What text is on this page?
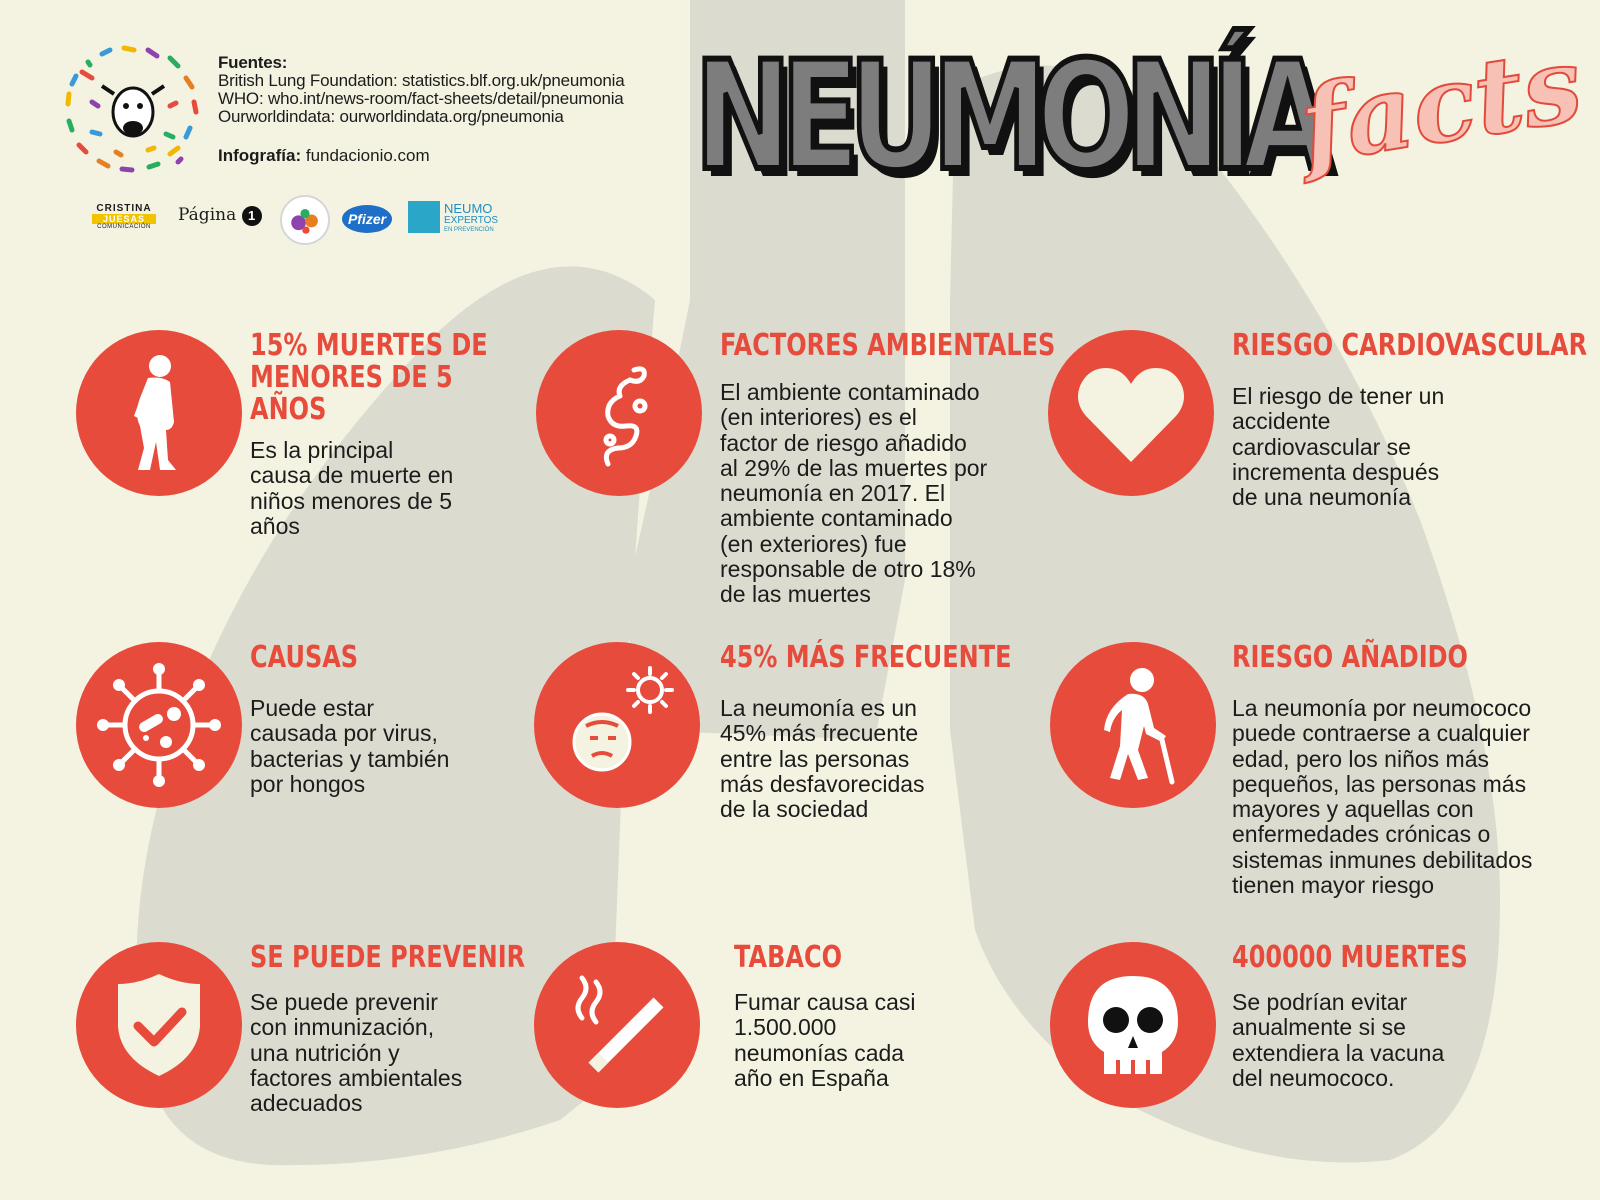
Fuentes:
British Lung Foundation: statistics.blf.org.uk/pneumonia
WHO: who.int/news-room/fact-sheets/detail/pneumonia
Ourworldindata: ourworldindata.org/pneumonia
Infografía: fundacionio.com
CRISTINA
JUESAS
COMUNICACIÓN
Página 1	Pfizer
NEUMO
EXPERTOS
EN PREVENCIÓN
NEUMONÍA
facts
15% MUERTES DE
MENORES DE 5
AÑOS
Es la principal
causa de muerte en
niños menores de 5
años
FACTORES AMBIENTALES
El ambiente contaminado
(en interiores) es el
factor de riesgo añadido
al 29% de las muertes por
neumonía en 2017. El
ambiente contaminado
(en exteriores) fue
responsable de otro 18%
de las muertes
RIESGO CARDIOVASCULAR
El riesgo de tener un
accidente
cardiovascular se
incrementa después
de una neumonía
CAUSAS
Puede estar
causada por virus,
bacterias y también
por hongos
45% MÁS FRECUENTE
La neumonía es un
45% más frecuente
entre las personas
más desfavorecidas
de la sociedad
RIESGO AÑADIDO
La neumonía por neumococo
puede contraerse a cualquier
edad, pero los niños más
pequeños, las personas más
mayores y aquellas con
enfermedades crónicas o
sistemas inmunes debilitados
tienen mayor riesgo
SE PUEDE PREVENIR
Se puede prevenir
con inmunización,
una nutrición y
factores ambientales
adecuados
TABACO
Fumar causa casi
1.500.000
neumonías cada
año en España
400000 MUERTES
Se podrían evitar
anualmente si se
extendiera la vacuna
del neumococo.
